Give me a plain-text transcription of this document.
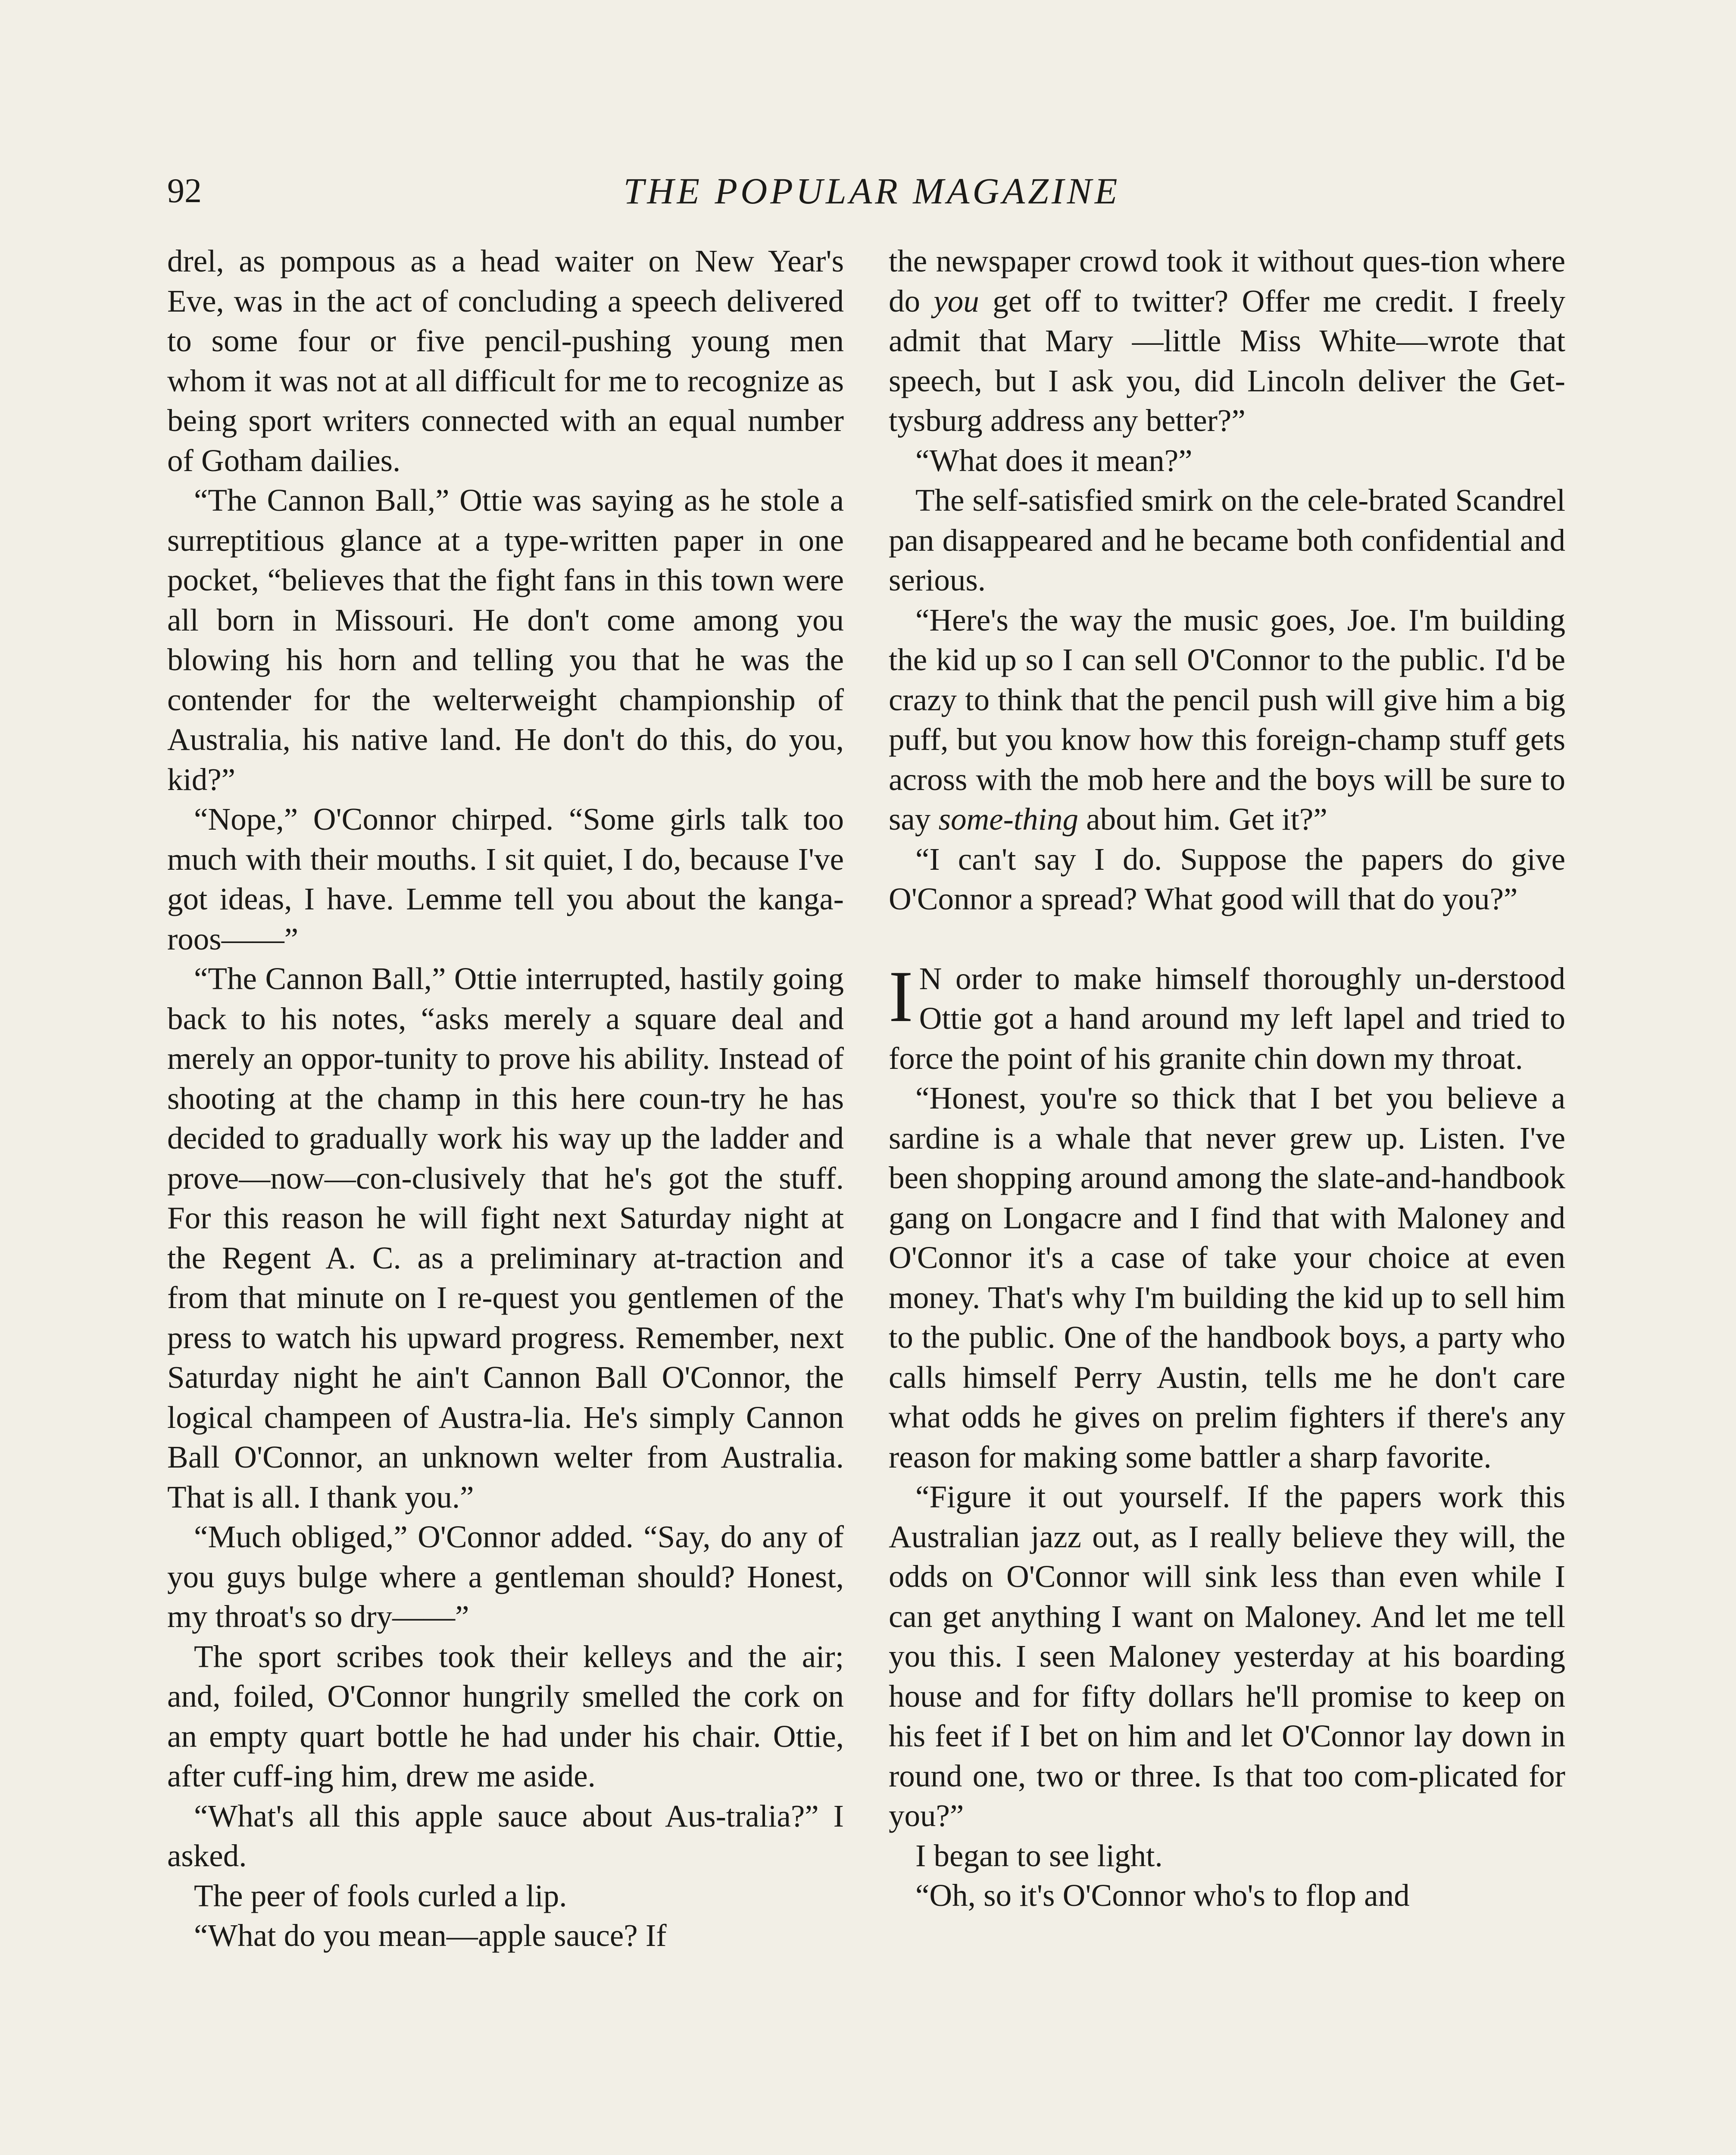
92	THE POPULAR MAGAZINE

drel, as pompous as a head waiter on New Year's Eve, was in the act of concluding a speech delivered to some four or five pencil-pushing young men whom it was not at all difficult for me to recognize as being sport writers connected with an equal number of Gotham dailies.

“The Cannon Ball,” Ottie was saying as he stole a surreptitious glance at a type-written paper in one pocket, “believes that the fight fans in this town were all born in Missouri. He don't come among you blowing his horn and telling you that he was the contender for the welterweight championship of Australia, his native land. He don't do this, do you, kid?”

“Nope,” O'Connor chirped. “Some girls talk too much with their mouths. I sit quiet, I do, because I've got ideas, I have. Lemme tell you about the kanga-roos——”

“The Cannon Ball,” Ottie interrupted, hastily going back to his notes, “asks merely a square deal and merely an oppor-tunity to prove his ability. Instead of shooting at the champ in this here coun-try he has decided to gradually work his way up the ladder and prove—now—con-clusively that he's got the stuff. For this reason he will fight next Saturday night at the Regent A. C. as a preliminary at-traction and from that minute on I re-quest you gentlemen of the press to watch his upward progress. Remember, next Saturday night he ain't Cannon Ball O'Connor, the logical champeen of Austra-lia. He's simply Cannon Ball O'Connor, an unknown welter from Australia. That is all. I thank you.”

“Much obliged,” O'Connor added. “Say, do any of you guys bulge where a gentleman should? Honest, my throat's so dry——”

The sport scribes took their kelleys and the air; and, foiled, O'Connor hungrily smelled the cork on an empty quart bottle he had under his chair. Ottie, after cuff-ing him, drew me aside.

“What's all this apple sauce about Aus-tralia?” I asked.

The peer of fools curled a lip.

“What do you mean—apple sauce? If

the newspaper crowd took it without ques-tion where do you get off to twitter? Offer me credit. I freely admit that Mary —little Miss White—wrote that speech, but I ask you, did Lincoln deliver the Get-tysburg address any better?”

“What does it mean?”

The self-satisfied smirk on the cele-brated Scandrel pan disappeared and he became both confidential and serious.

“Here's the way the music goes, Joe. I'm building the kid up so I can sell O'Connor to the public. I'd be crazy to think that the pencil push will give him a big puff, but you know how this foreign-champ stuff gets across with the mob here and the boys will be sure to say some-thing about him. Get it?”

“I can't say I do. Suppose the papers do give O'Connor a spread? What good will that do you?”

I N order to make himself thoroughly un-derstood Ottie got a hand around my left lapel and tried to force the point of his granite chin down my throat.

“Honest, you're so thick that I bet you believe a sardine is a whale that never grew up. Listen. I've been shopping around among the slate-and-handbook gang on Longacre and I find that with Maloney and O'Connor it's a case of take your choice at even money. That's why I'm building the kid up to sell him to the public. One of the handbook boys, a party who calls himself Perry Austin, tells me he don't care what odds he gives on prelim fighters if there's any reason for making some battler a sharp favorite.

“Figure it out yourself. If the papers work this Australian jazz out, as I really believe they will, the odds on O'Connor will sink less than even while I can get anything I want on Maloney. And let me tell you this. I seen Maloney yesterday at his boarding house and for fifty dollars he'll promise to keep on his feet if I bet on him and let O'Connor lay down in round one, two or three. Is that too com-plicated for you?”

I began to see light.

“Oh, so it's O'Connor who's to flop and
